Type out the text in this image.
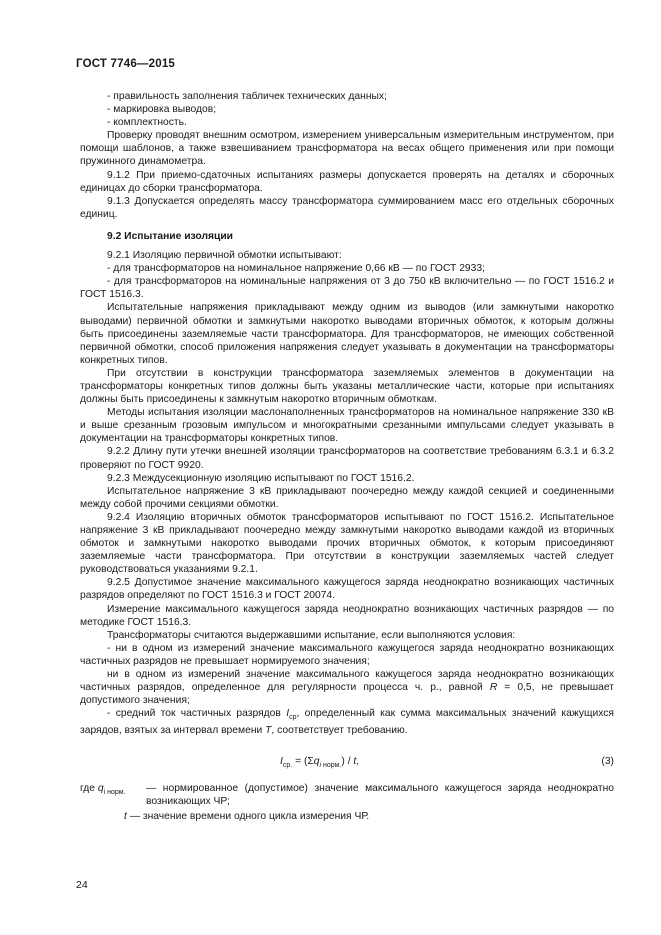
ГОСТ 7746—2015

- правильность заполнения табличек технических данных;

- маркировка выводов;

- комплектность.

Проверку проводят внешним осмотром, измерением универсальным измерительным инструментом, при помощи шаблонов, а также взвешиванием трансформатора на весах общего применения или при помощи пружинного динамометра.

9.1.2 При приемо-сдаточных испытаниях размеры допускается проверять на деталях и сборочных единицах до сборки трансформатора.

9.1.3 Допускается определять массу трансформатора суммированием масс его отдельных сборочных единиц.

9.2 Испытание изоляции

9.2.1 Изоляцию первичной обмотки испытывают:

- для трансформаторов на номинальное напряжение 0,66 кВ — по ГОСТ 2933;

- для трансформаторов на номинальные напряжения от 3 до 750 кВ включительно — по ГОСТ 1516.2 и ГОСТ 1516.3.

Испытательные напряжения прикладывают между одним из выводов (или замкнутыми накоротко выводами) первичной обмотки и замкнутыми накоротко выводами вторичных обмоток, к которым должны быть присоединены заземляемые части трансформатора. Для трансформаторов, не имеющих собственной первичной обмотки, способ приложения напряжения следует указывать в документации на трансформаторы конкретных типов.

При отсутствии в конструкции трансформатора заземляемых элементов в документации на трансформаторы конкретных типов должны быть указаны металлические части, которые при испытаниях должны быть присоединены к замкнутым накоротко вторичным обмоткам.

Методы испытания изоляции маслонаполненных трансформаторов на номинальное напряжение 330 кВ и выше срезанным грозовым импульсом и многократными срезанными импульсами следует указывать в документации на трансформаторы конкретных типов.

9.2.2 Длину пути утечки внешней изоляции трансформаторов на соответствие требованиям 6.3.1 и 6.3.2 проверяют по ГОСТ 9920.

9.2.3 Междусекционную изоляцию испытывают по ГОСТ 1516.2.

Испытательное напряжение 3 кВ прикладывают поочередно между каждой секцией и соединенными между собой прочими секциями обмотки.

9.2.4 Изоляцию вторичных обмоток трансформаторов испытывают по ГОСТ 1516.2. Испытательное напряжение 3 кВ прикладывают поочередно между замкнутыми накоротко выводами каждой из вторичных обмоток и замкнутыми накоротко выводами прочих вторичных обмоток, к которым присоединяют заземляемые части трансформатора. При отсутствии в конструкции заземляемых частей следует руководствоваться указаниями 9.2.1.

9.2.5 Допустимое значение максимального кажущегося заряда неоднократно возникающих частичных разрядов определяют по ГОСТ 1516.3 и ГОСТ 20074.

Измерение максимального кажущегося заряда неоднократно возникающих частичных разрядов — по методике ГОСТ 1516.3.

Трансформаторы считаются выдержавшими испытание, если выполняются условия:

- ни в одном из измерений значение максимального кажущегося заряда неоднократно возникающих частичных разрядов не превышает нормируемого значения;

ни в одном из измерений значение максимального кажущегося заряда неоднократно возникающих частичных разрядов, определенное для регулярности процесса ч. р., равной R = 0,5, не превышает допустимого значения;

- средний ток частичных разрядов $I_{ср}$, определенный как сумма максимальных значений кажущихся зарядов, взятых за интервал времени T, соответствует требованию.

$I_{ср.} = (\Sigma q_{i норм.}) / t$,	(3)
где $q_{i норм.}$ — нормированное (допустимое) значение максимального кажущегося заряда неоднократно возникающих ЧР;
t — значение времени одного цикла измерения ЧР.
24
